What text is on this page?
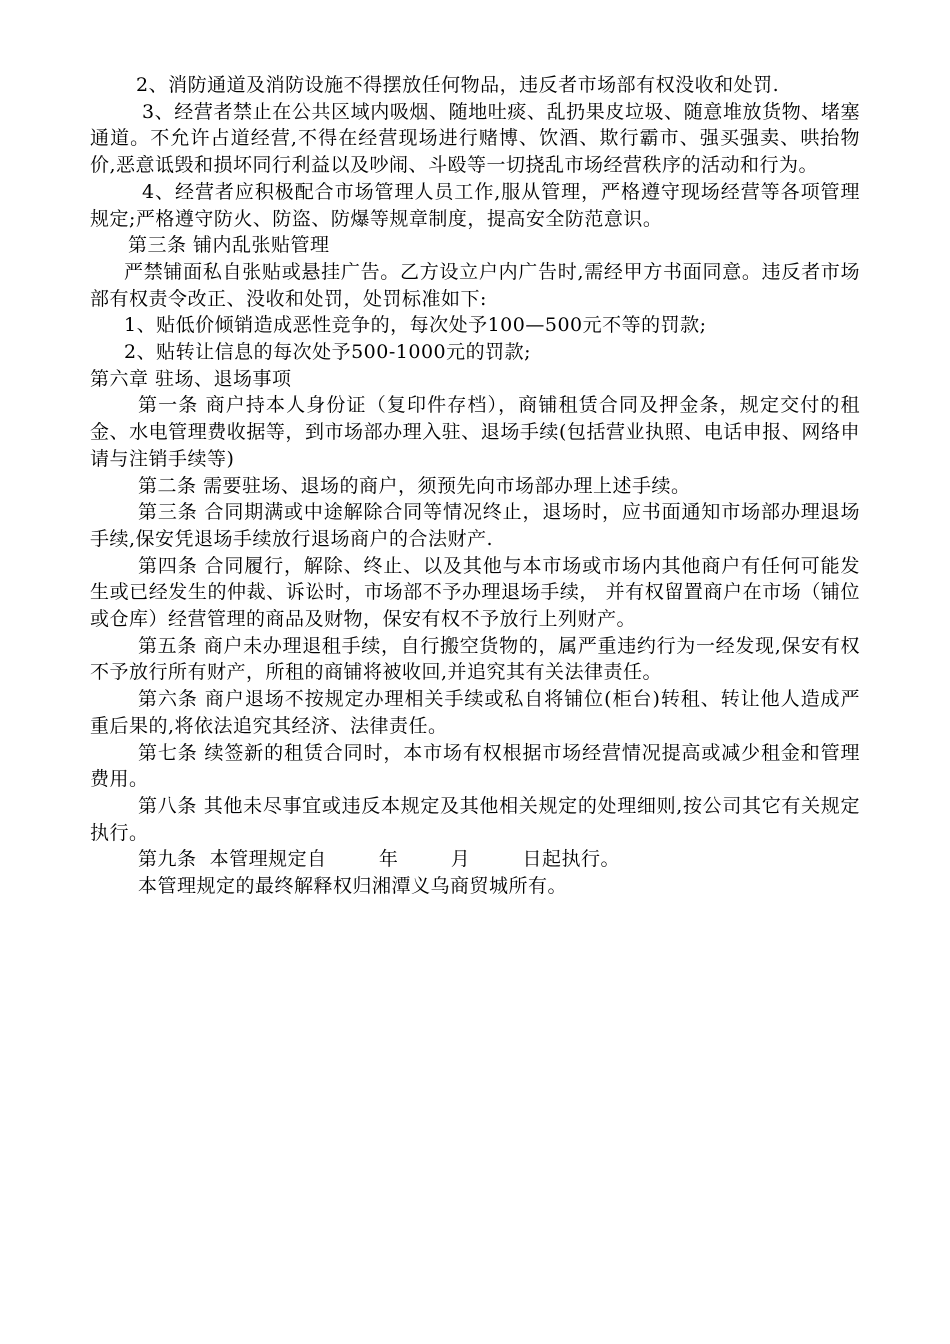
2、消防通道及消防设施不得摆放任何物品，违反者市场部有权没收和处罚.

3、经营者禁止在公共区域内吸烟、随地吐痰、乱扔果皮垃圾、随意堆放货物、堵塞通道。不允许占道经营,不得在经营现场进行赌博、饮酒、欺行霸市、强买强卖、哄抬物价,恶意诋毁和损坏同行利益以及吵闹、斗殴等一切挠乱市场经营秩序的活动和行为。

4、经营者应积极配合市场管理人员工作,服从管理，严格遵守现场经营等各项管理规定;严格遵守防火、防盗、防爆等规章制度，提高安全防范意识。

第三条 铺内乱张贴管理

严禁铺面私自张贴或悬挂广告。乙方设立户内广告时,需经甲方书面同意。违反者市场部有权责令改正、没收和处罚，处罚标准如下:

1、贴低价倾销造成恶性竞争的，每次处予100—500元不等的罚款;

2、贴转让信息的每次处予500-1000元的罚款;

第六章 驻场、退场事项

第一条 商户持本人身份证（复印件存档），商铺租赁合同及押金条，规定交付的租金、水电管理费收据等，到市场部办理入驻、退场手续(包括营业执照、电话申报、网络申请与注销手续等)

第二条 需要驻场、退场的商户，须预先向市场部办理上述手续。

第三条 合同期满或中途解除合同等情况终止，退场时，应书面通知市场部办理退场手续,保安凭退场手续放行退场商户的合法财产.

第四条 合同履行，解除、终止、以及其他与本市场或市场内其他商户有任何可能发生或已经发生的仲裁、诉讼时，市场部不予办理退场手续， 并有权留置商户在市场（铺位或仓库）经营管理的商品及财物，保安有权不予放行上列财产。

第五条 商户未办理退租手续，自行搬空货物的，属严重违约行为一经发现,保安有权不予放行所有财产，所租的商铺将被收回,并追究其有关法律责任。

第六条 商户退场不按规定办理相关手续或私自将铺位(柜台)转租、转让他人造成严重后果的,将依法追究其经济、法律责任。

第七条 续签新的租赁合同时，本市场有权根据市场经营情况提高或减少租金和管理费用。

第八条 其他未尽事宜或违反本规定及其他相关规定的处理细则,按公司其它有关规定执行。

第九条  本管理规定自        年        月        日起执行。

本管理规定的最终解释权归湘潭义乌商贸城所有。
